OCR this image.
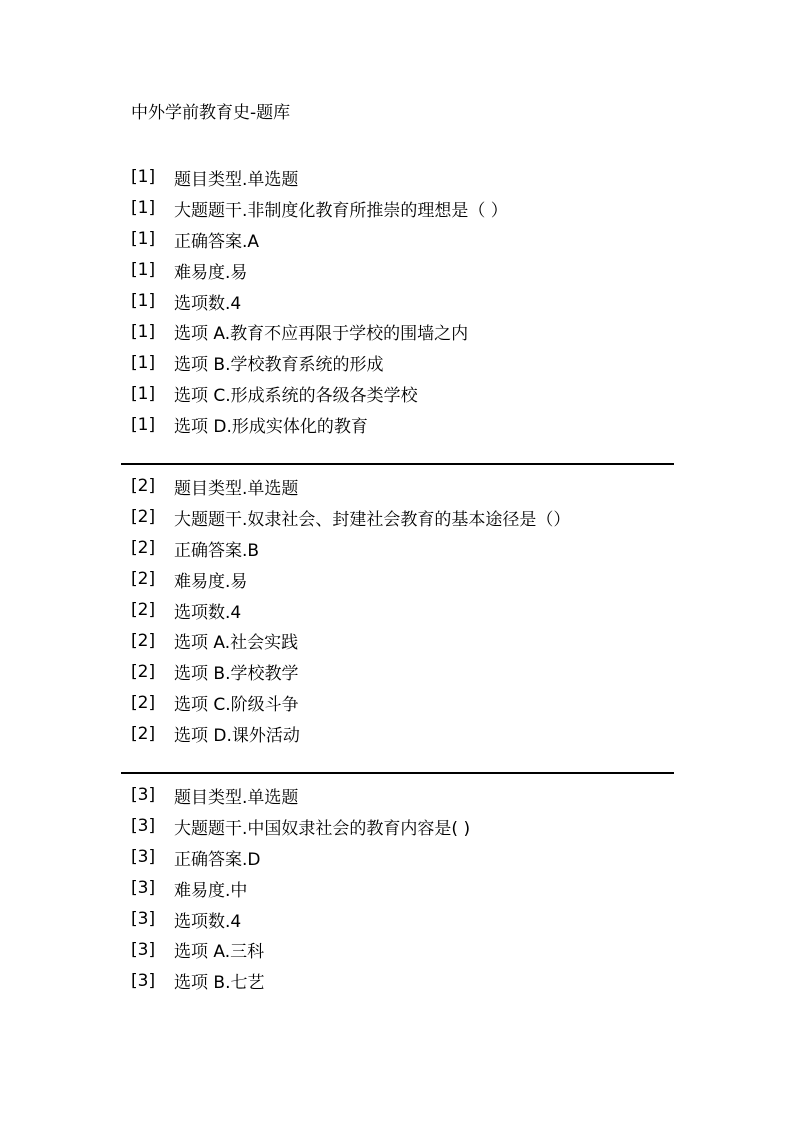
中外学前教育史-题库
[1]	题目类型.单选题
[1]	大题题干.非制度化教育所推崇的理想是（ ）
[1]	正确答案.A
[1]	难易度.易
[1]	选项数.4
[1]	选项 A.教育不应再限于学校的围墙之内
[1]	选项 B.学校教育系统的形成
[1]	选项 C.形成系统的各级各类学校
[1]	选项 D.形成实体化的教育
[2]	题目类型.单选题
[2]	大题题干.奴隶社会、封建社会教育的基本途径是（）
[2]	正确答案.B
[2]	难易度.易
[2]	选项数.4
[2]	选项 A.社会实践
[2]	选项 B.学校教学
[2]	选项 C.阶级斗争
[2]	选项 D.课外活动
[3]	题目类型.单选题
[3]	大题题干.中国奴隶社会的教育内容是( )
[3]	正确答案.D
[3]	难易度.中
[3]	选项数.4
[3]	选项 A.三科
[3]	选项 B.七艺
